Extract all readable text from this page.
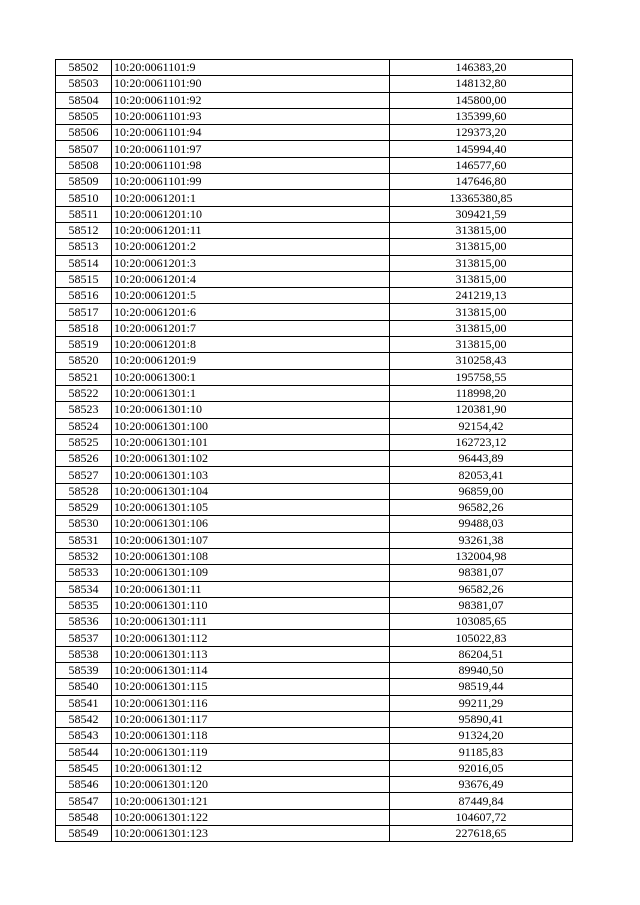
58502	10:20:0061101:9	146383,20
58503	10:20:0061101:90	148132,80
58504	10:20:0061101:92	145800,00
58505	10:20:0061101:93	135399,60
58506	10:20:0061101:94	129373,20
58507	10:20:0061101:97	145994,40
58508	10:20:0061101:98	146577,60
58509	10:20:0061101:99	147646,80
58510	10:20:0061201:1	13365380,85
58511	10:20:0061201:10	309421,59
58512	10:20:0061201:11	313815,00
58513	10:20:0061201:2	313815,00
58514	10:20:0061201:3	313815,00
58515	10:20:0061201:4	313815,00
58516	10:20:0061201:5	241219,13
58517	10:20:0061201:6	313815,00
58518	10:20:0061201:7	313815,00
58519	10:20:0061201:8	313815,00
58520	10:20:0061201:9	310258,43
58521	10:20:0061300:1	195758,55
58522	10:20:0061301:1	118998,20
58523	10:20:0061301:10	120381,90
58524	10:20:0061301:100	92154,42
58525	10:20:0061301:101	162723,12
58526	10:20:0061301:102	96443,89
58527	10:20:0061301:103	82053,41
58528	10:20:0061301:104	96859,00
58529	10:20:0061301:105	96582,26
58530	10:20:0061301:106	99488,03
58531	10:20:0061301:107	93261,38
58532	10:20:0061301:108	132004,98
58533	10:20:0061301:109	98381,07
58534	10:20:0061301:11	96582,26
58535	10:20:0061301:110	98381,07
58536	10:20:0061301:111	103085,65
58537	10:20:0061301:112	105022,83
58538	10:20:0061301:113	86204,51
58539	10:20:0061301:114	89940,50
58540	10:20:0061301:115	98519,44
58541	10:20:0061301:116	99211,29
58542	10:20:0061301:117	95890,41
58543	10:20:0061301:118	91324,20
58544	10:20:0061301:119	91185,83
58545	10:20:0061301:12	92016,05
58546	10:20:0061301:120	93676,49
58547	10:20:0061301:121	87449,84
58548	10:20:0061301:122	104607,72
58549	10:20:0061301:123	227618,65
